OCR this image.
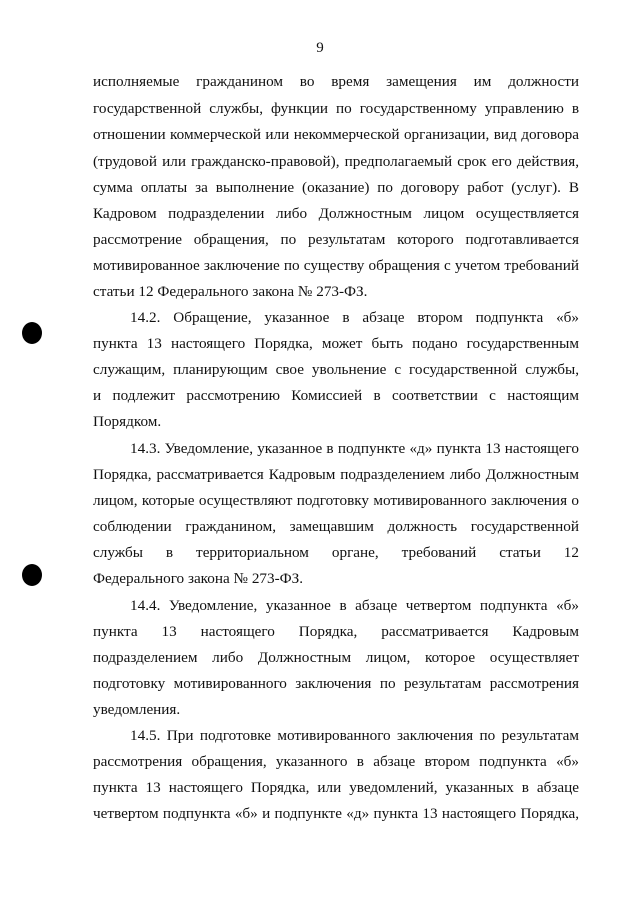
9
исполняемые гражданином во время замещения им должности
государственной службы, функции по государственному управлению в
отношении коммерческой или некоммерческой организации, вид договора
(трудовой или гражданско-правовой), предполагаемый срок его действия,
сумма оплаты за выполнение (оказание) по договору работ (услуг). В
Кадровом подразделении либо Должностным лицом осуществляется
рассмотрение обращения, по результатам которого подготавливается
мотивированное заключение по существу обращения с учетом требований
статьи 12 Федерального закона № 273-ФЗ.
14.2. Обращение, указанное в абзаце втором подпункта «б»
пункта 13 настоящего Порядка, может быть подано государственным
служащим, планирующим свое увольнение с государственной службы,
и подлежит рассмотрению Комиссией в соответствии с настоящим
Порядком.
14.3. Уведомление, указанное в подпункте «д» пункта 13 настоящего
Порядка, рассматривается Кадровым подразделением либо Должностным
лицом, которые осуществляют подготовку мотивированного заключения о
соблюдении гражданином, замещавшим должность государственной
службы в территориальном органе, требований статьи 12
Федерального закона № 273-ФЗ.
14.4. Уведомление, указанное в абзаце четвертом подпункта «б»
пункта 13 настоящего Порядка, рассматривается Кадровым
подразделением либо Должностным лицом, которое осуществляет
подготовку мотивированного заключения по результатам рассмотрения
уведомления.
14.5. При подготовке мотивированного заключения по результатам
рассмотрения обращения, указанного в абзаце втором подпункта «б»
пункта 13 настоящего Порядка, или уведомлений, указанных в абзаце
четвертом подпункта «б» и подпункте «д» пункта 13 настоящего Порядка,
